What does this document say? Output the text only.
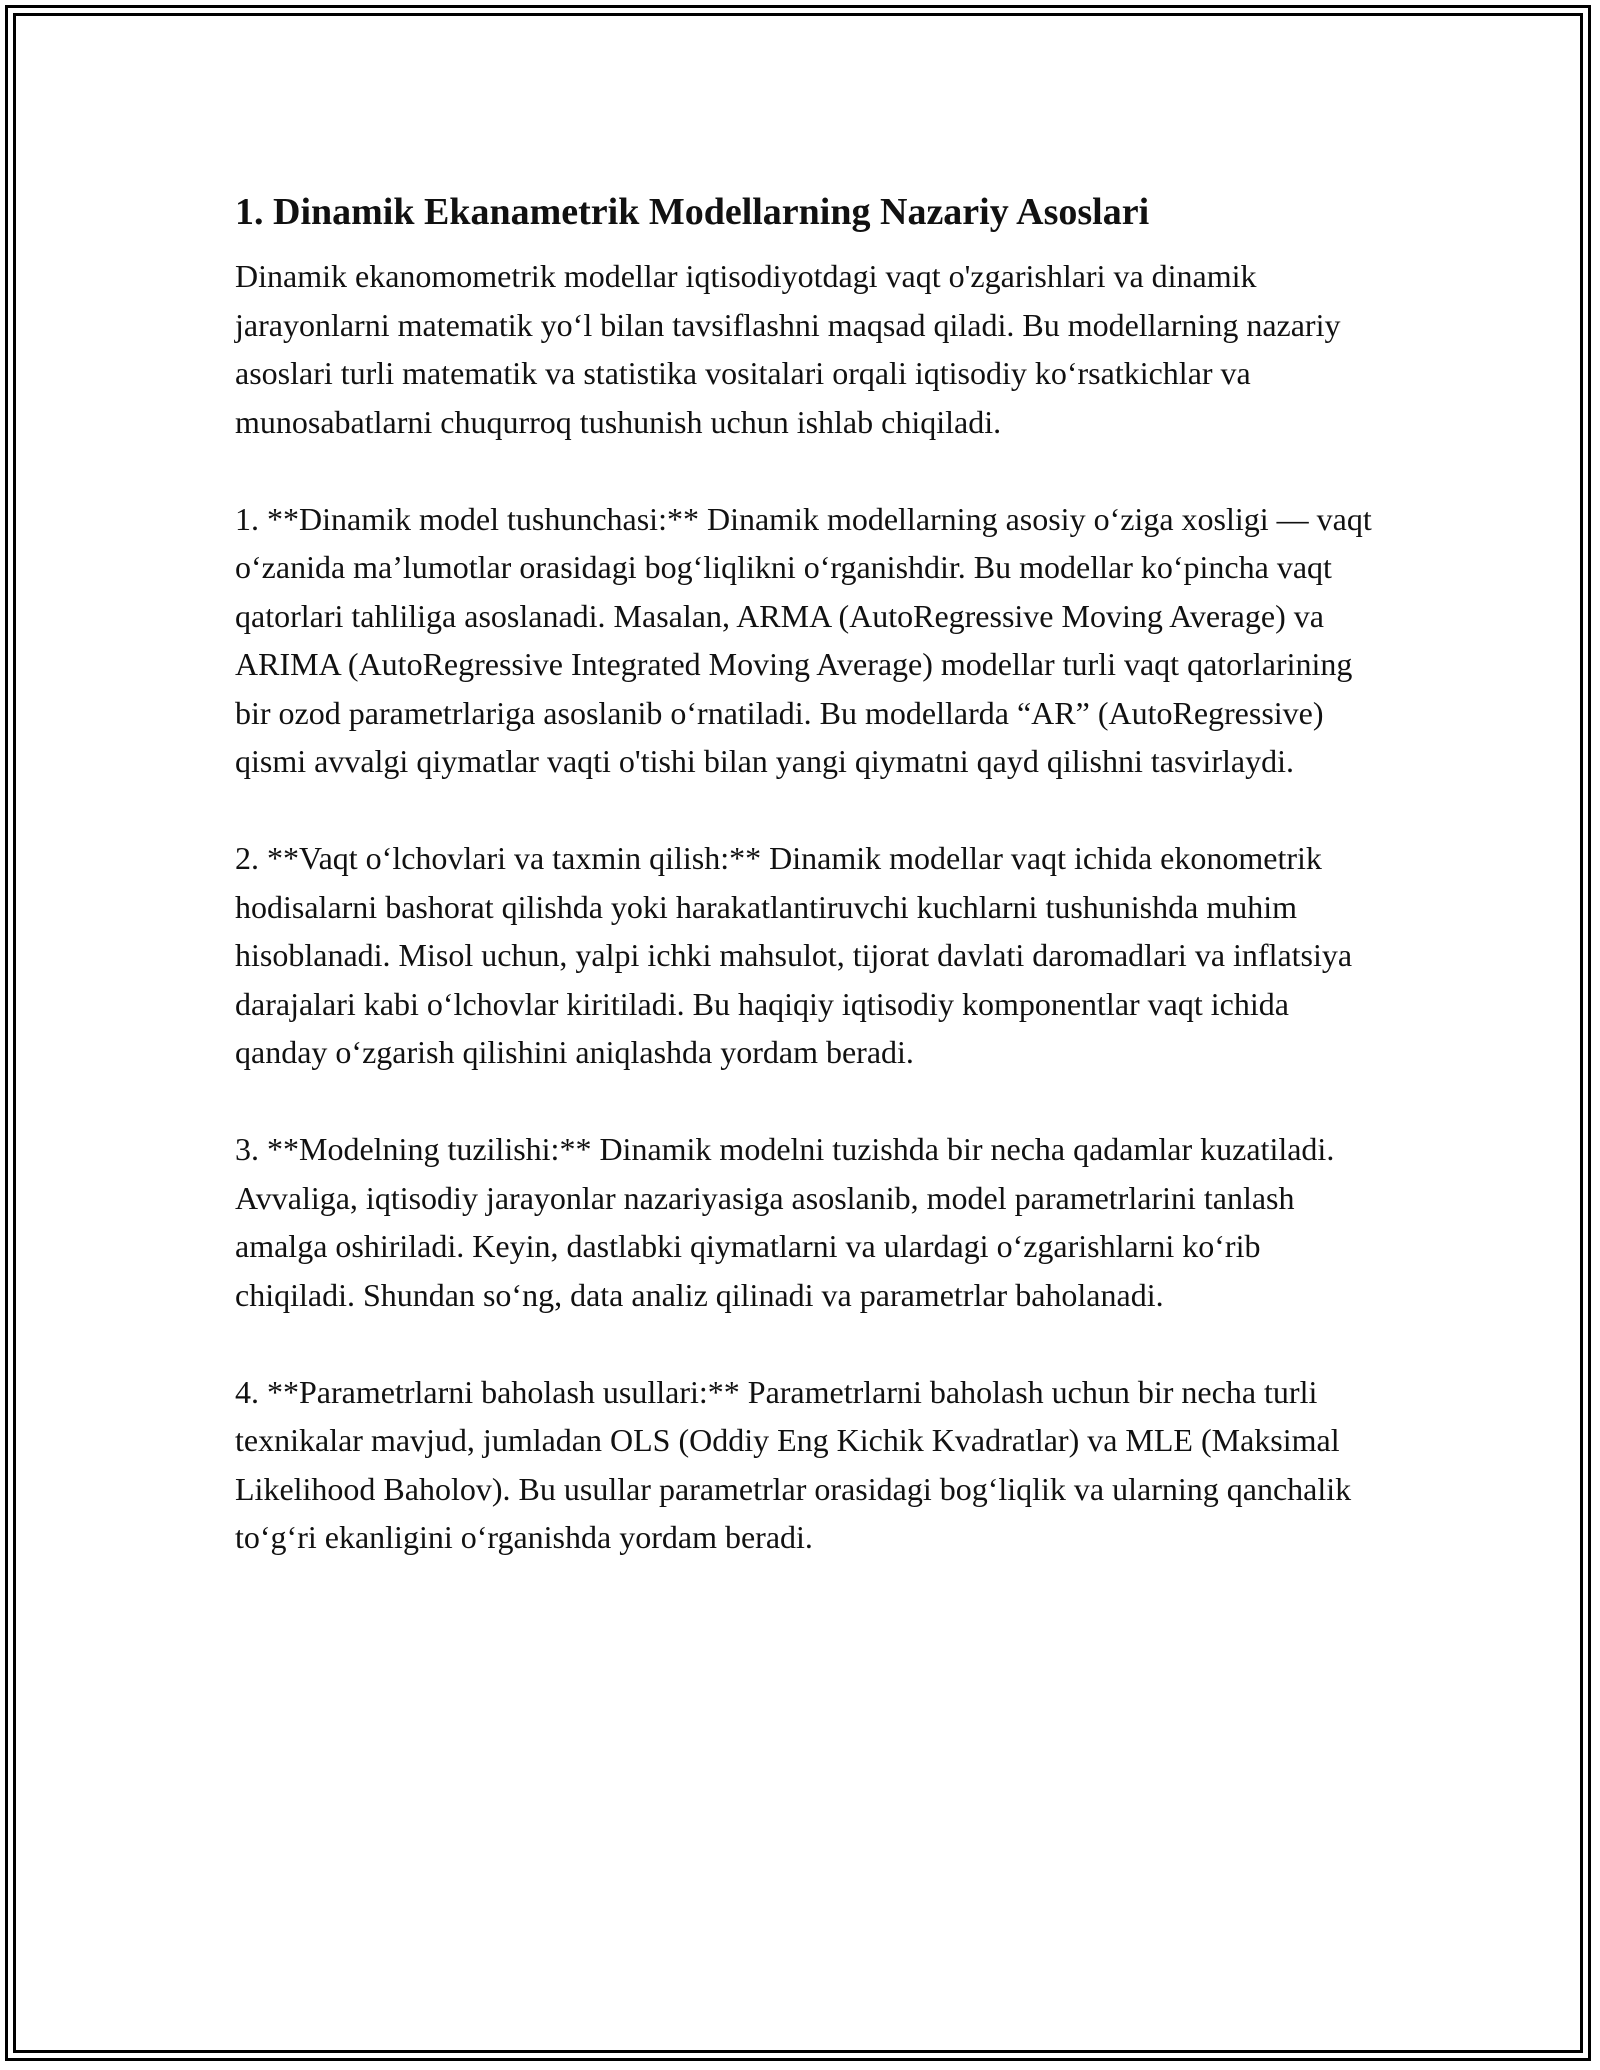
1. Dinamik Ekanametrik Modellarning Nazariy Asoslari

Dinamik ekanomometrik modellar iqtisodiyotdagi vaqt o'zgarishlari va dinamik jarayonlarni matematik yo‘l bilan tavsiflashni maqsad qiladi. Bu modellarning nazariy asoslari turli matematik va statistika vositalari orqali iqtisodiy ko‘rsatkichlar va munosabatlarni chuqurroq tushunish uchun ishlab chiqiladi.

1. **Dinamik model tushunchasi:** Dinamik modellarning asosiy o‘ziga xosligi — vaqt o‘zanida ma’lumotlar orasidagi bog‘liqlikni o‘rganishdir. Bu modellar ko‘pincha vaqt qatorlari tahliliga asoslanadi. Masalan, ARMA (AutoRegressive Moving Average) va ARIMA (AutoRegressive Integrated Moving Average) modellar turli vaqt qatorlarining bir ozod parametrlariga asoslanib o‘rnatiladi. Bu modellarda “AR” (AutoRegressive) qismi avvalgi qiymatlar vaqti o'tishi bilan yangi qiymatni qayd qilishni tasvirlaydi.

2. **Vaqt o‘lchovlari va taxmin qilish:** Dinamik modellar vaqt ichida ekonometrik hodisalarni bashorat qilishda yoki harakatlantiruvchi kuchlarni tushunishda muhim hisoblanadi. Misol uchun, yalpi ichki mahsulot, tijorat davlati daromadlari va inflatsiya darajalari kabi o‘lchovlar kiritiladi. Bu haqiqiy iqtisodiy komponentlar vaqt ichida qanday o‘zgarish qilishini aniqlashda yordam beradi.

3. **Modelning tuzilishi:** Dinamik modelni tuzishda bir necha qadamlar kuzatiladi. Avvaliga, iqtisodiy jarayonlar nazariyasiga asoslanib, model parametrlarini tanlash amalga oshiriladi. Keyin, dastlabki qiymatlarni va ulardagi o‘zgarishlarni ko‘rib chiqiladi. Shundan so‘ng, data analiz qilinadi va parametrlar baholanadi.

4. **Parametrlarni baholash usullari:** Parametrlarni baholash uchun bir necha turli texnikalar mavjud, jumladan OLS (Oddiy Eng Kichik Kvadratlar) va MLE (Maksimal Likelihood Baholov). Bu usullar parametrlar orasidagi bog‘liqlik va ularning qanchalik to‘g‘ri ekanligini o‘rganishda yordam beradi.
